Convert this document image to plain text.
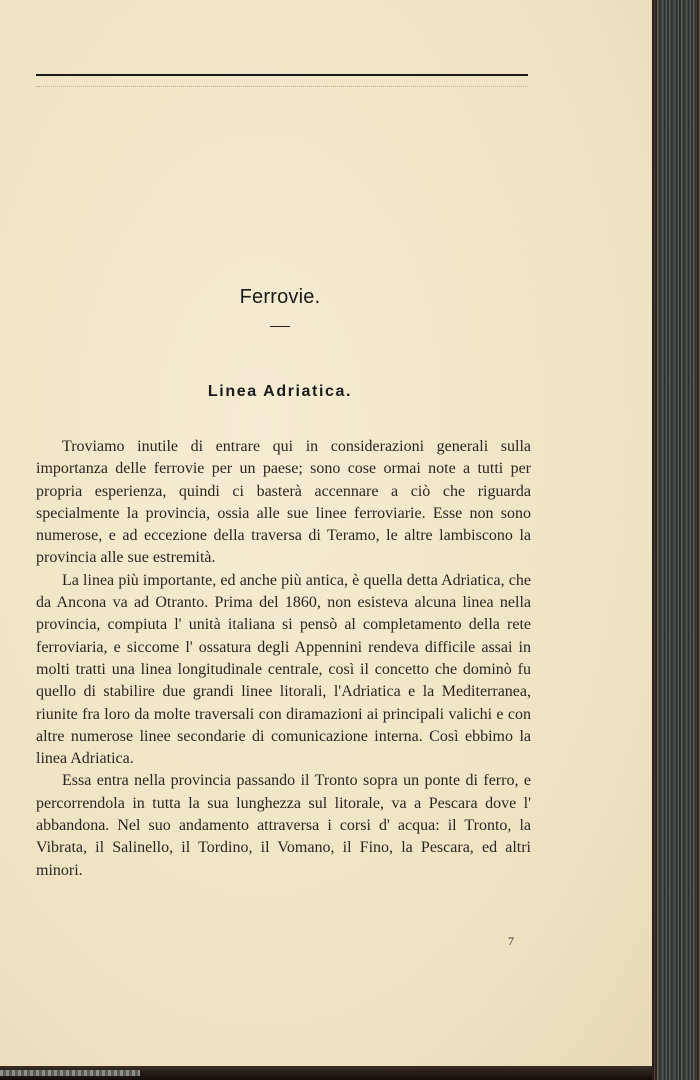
Ferrovie.
Linea Adriatica.

Troviamo inutile di entrare qui in considerazioni generali sulla importanza delle ferrovie per un paese; sono cose ormai note a tutti per propria esperienza, quindi ci basterà accennare a ciò che riguarda specialmente la provincia, ossia alle sue linee ferroviarie. Esse non sono numerose, e ad eccezione della traversa di Teramo, le altre lambiscono la provincia alle sue estremità.

La linea più importante, ed anche più antica, è quella detta Adriatica, che da Ancona va ad Otranto. Prima del 1860, non esisteva alcuna linea nella provincia, compiuta l' unità italiana si pensò al completamento della rete ferroviaria, e siccome l' ossatura degli Appennini rendeva difficile assai in molti tratti una linea longitudinale centrale, così il concetto che dominò fu quello di stabilire due grandi linee litorali, l'Adriatica e la Mediterranea, riunite fra loro da molte traversali con diramazioni ai principali valichi e con altre numerose linee secondarie di comunicazione interna. Così ebbimo la linea Adriatica.

Essa entra nella provincia passando il Tronto sopra un ponte di ferro, e percorrendola in tutta la sua lunghezza sul litorale, va a Pescara dove l' abbandona. Nel suo andamento attraversa i corsi d' acqua: il Tronto, la Vibrata, il Salinello, il Tordino, il Vomano, il Fino, la Pescara, ed altri minori.

7
